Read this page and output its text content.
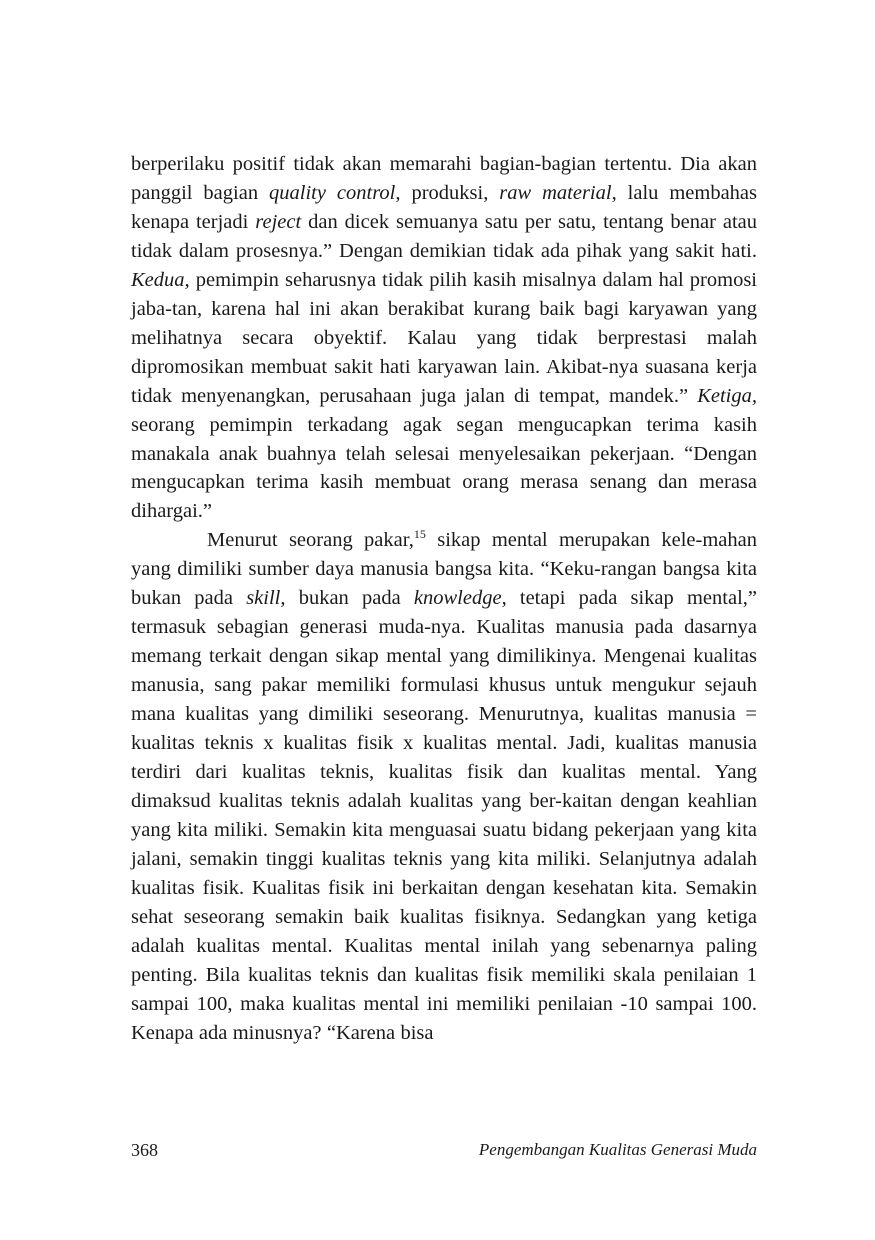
berperilaku positif tidak akan memarahi bagian-bagian tertentu. Dia akan panggil bagian quality control, produksi, raw material, lalu membahas kenapa terjadi reject dan dicek semuanya satu per satu, tentang benar atau tidak dalam prosesnya.” Dengan demikian tidak ada pihak yang sakit hati. Kedua, pemimpin seharusnya tidak pilih kasih misalnya dalam hal promosi jaba-tan, karena hal ini akan berakibat kurang baik bagi karyawan yang melihatnya secara obyektif. Kalau yang tidak berprestasi malah dipromosikan membuat sakit hati karyawan lain. Akibat-nya suasana kerja tidak menyenangkan, perusahaan juga jalan di tempat, mandek.” Ketiga, seorang pemimpin terkadang agak segan mengucapkan terima kasih manakala anak buahnya telah selesai menyelesaikan pekerjaan. “Dengan mengucapkan terima kasih membuat orang merasa senang dan merasa dihargai.”

Menurut seorang pakar,$^{15}$ sikap mental merupakan kele-mahan yang dimiliki sumber daya manusia bangsa kita. “Keku-rangan bangsa kita bukan pada skill, bukan pada knowledge, tetapi pada sikap mental,” termasuk sebagian generasi muda-nya. Kualitas manusia pada dasarnya memang terkait dengan sikap mental yang dimilikinya. Mengenai kualitas manusia, sang pakar memiliki formulasi khusus untuk mengukur sejauh mana kualitas yang dimiliki seseorang. Menurutnya, kualitas manusia = kualitas teknis x kualitas fisik x kualitas mental. Jadi, kualitas manusia terdiri dari kualitas teknis, kualitas fisik dan kualitas mental. Yang dimaksud kualitas teknis adalah kualitas yang ber-kaitan dengan keahlian yang kita miliki. Semakin kita menguasai suatu bidang pekerjaan yang kita jalani, semakin tinggi kualitas teknis yang kita miliki. Selanjutnya adalah kualitas fisik. Kualitas fisik ini berkaitan dengan kesehatan kita. Semakin sehat seseorang semakin baik kualitas fisiknya. Sedangkan yang ketiga adalah kualitas mental. Kualitas mental inilah yang sebenarnya paling penting. Bila kualitas teknis dan kualitas fisik memiliki skala penilaian 1 sampai 100, maka kualitas mental ini memiliki penilaian -10 sampai 100. Kenapa ada minusnya? “Karena bisa

368	Pengembangan Kualitas Generasi Muda
